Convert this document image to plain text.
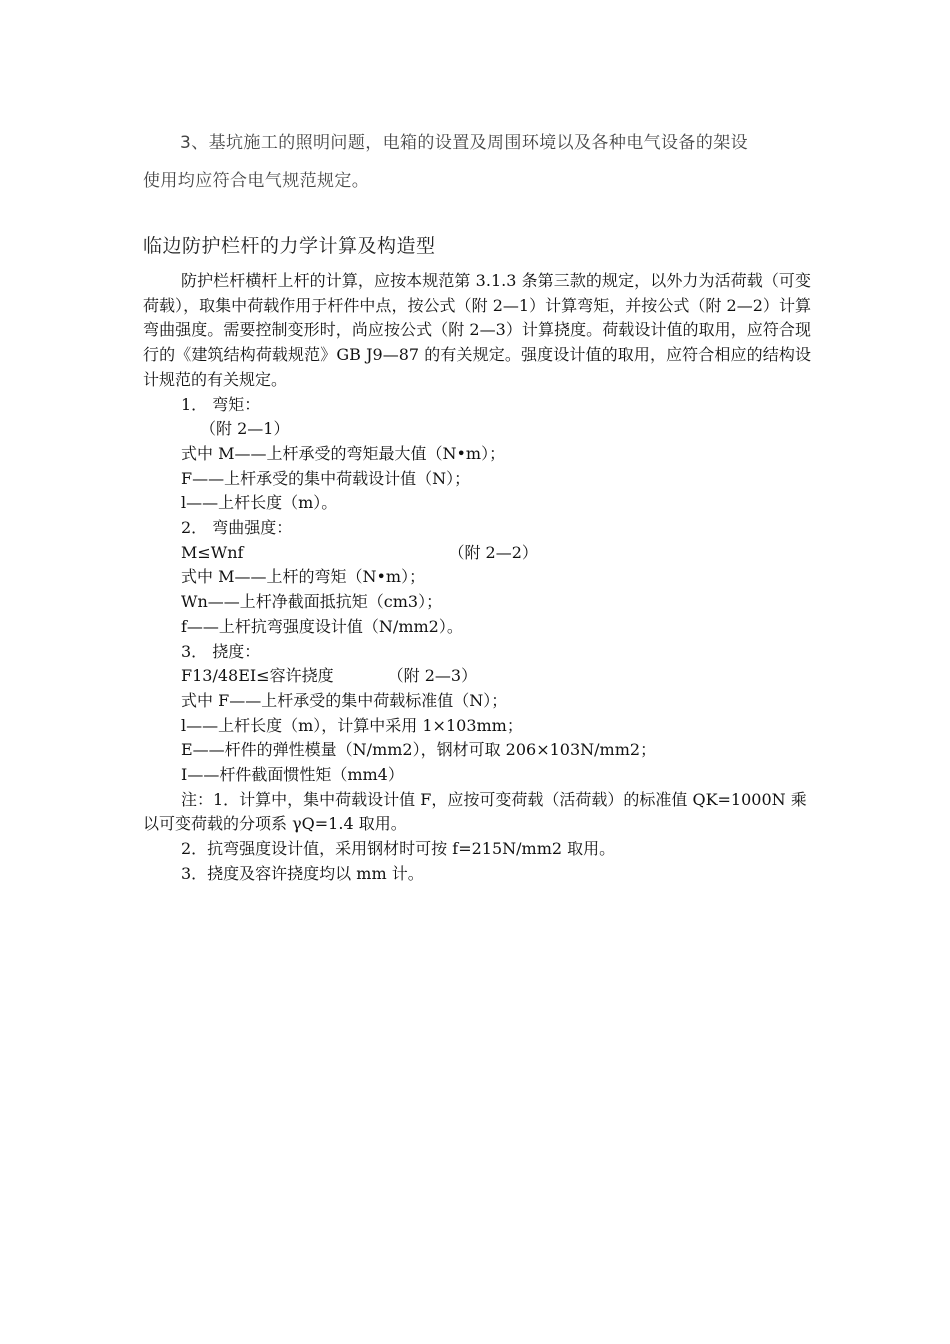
3、基坑施工的照明问题，电箱的设置及周围环境以及各种电气设备的架设

使用均应符合电气规范规定。

临边防护栏杆的力学计算及构造型

防护栏杆横杆上杆的计算，应按本规范第 3.1.3 条第三款的规定，以外力为活荷载（可变荷载），取集中荷载作用于杆件中点，按公式（附 2—1）计算弯矩，并按公式（附 2—2）计算弯曲强度。需要控制变形时，尚应按公式（附 2—3）计算挠度。荷载设计值的取用，应符合现行的《建筑结构荷载规范》GB J9—87 的有关规定。强度设计值的取用，应符合相应的结构设计规范的有关规定。

1． 弯矩：

（附 2—1）

式中 M——上杆承受的弯矩最大值（N•m）；

F——上杆承受的集中荷载设计值（N）；

l——上杆长度（m）。

2． 弯曲强度：

M≤Wnf	（附 2—2）

式中 M——上杆的弯矩（N•m）；

Wn——上杆净截面抵抗矩（cm3）；

f——上杆抗弯强度设计值（N/mm2）。

3． 挠度：

F13/48EI≤容许挠度	（附 2—3）

式中 F——上杆承受的集中荷载标准值（N）；

l——上杆长度（m），计算中采用 1×103mm；

E——杆件的弹性模量（N/mm2），钢材可取 206×103N/mm2；

I——杆件截面惯性矩（mm4）

注：1．计算中，集中荷载设计值 F，应按可变荷载（活荷载）的标准值 QK=1000N 乘以可变荷载的分项系 γQ=1.4 取用。

2．抗弯强度设计值，采用钢材时可按 f=215N/mm2 取用。

3．挠度及容许挠度均以 mm 计。
